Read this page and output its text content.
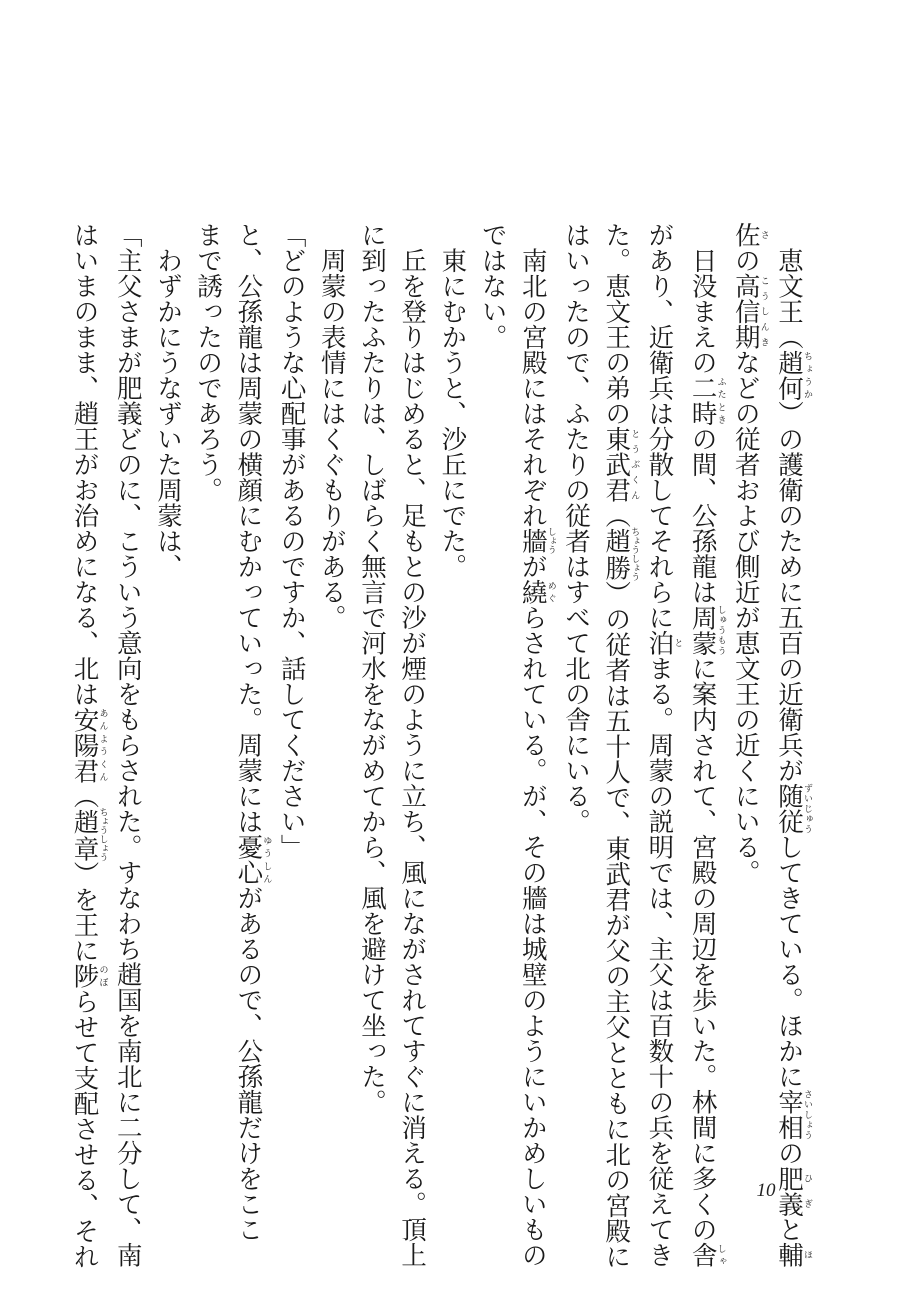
　恵文王（趙何ちょうか）の護衛のために五百の近衛兵が随従ずいじゅうしてきている。ほかに宰相さいしょうの肥義ひぎと輔ほ
佐さの高信期こうしんきなどの従者および側近が恵文王の近くにいる。
　日没まえの二時ふたときの間、公孫龍は周蒙しゅうもうに案内されて、宮殿の周辺を歩いた。林間に多くの舎しゃ
があり、近衛兵は分散してそれらに泊とまる。周蒙の説明では、主父は百数十の兵を従えてき
た。恵文王の弟の東武君とうぶくん（趙勝ちょうしょう）の従者は五十人で、東武君が父の主父とともに北の宮殿に
はいったので、ふたりの従者はすべて北の舎にいる。
　南北の宮殿にはそれぞれ牆しょうが繞めぐらされている。が、その牆は城壁のようにいかめしいもの
ではない。
　東にむかうと、沙丘にでた。
　丘を登りはじめると、足もとの沙が煙のように立ち、風にながされてすぐに消える。頂上
に到ったふたりは、しばらく無言で河水をながめてから、風を避けて坐った。
　周蒙の表情にはくぐもりがある。
「どのような心配事があるのですか、話してください」
と、公孫龍は周蒙の横顔にむかっていった。周蒙には憂心ゆうしんがあるので、公孫龍だけをここ
まで誘ったのであろう。
　わずかにうなずいた周蒙は、
「主父さまが肥義どのに、こういう意向をもらされた。すなわち趙国を南北に二分して、南
はいまのまま、趙王がお治めになる、北は安陽君あんようくん（趙章ちょうしょう）を王に陟のぼらせて支配させる、それ	10
